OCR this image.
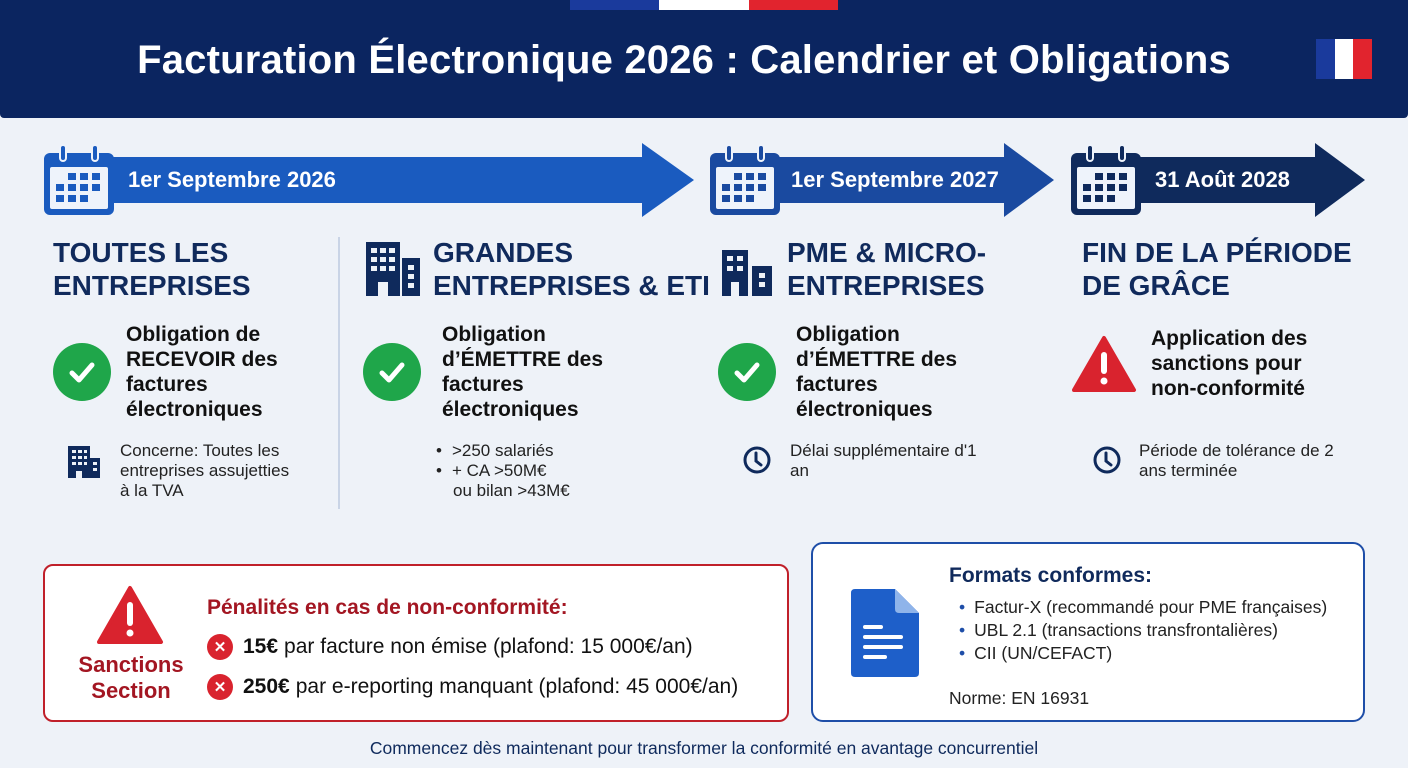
Facturation Électronique 2026 : Calendrier et Obligations
1er Septembre 2026	1er Septembre 2027	31 Août 2028
TOUTES LES
ENTREPRISES
Obligation de
RECEVOIR des
factures
électroniques
Concerne: Toutes les
entreprises assujetties
à la TVA
GRANDES
ENTREPRISES & ETI
Obligation
d’ÉMETTRE des
factures
électroniques
• >250 salariés
• + CA >50M€
ou bilan >43M€
PME & MICRO-
ENTREPRISES
Obligation
d’ÉMETTRE des
factures
électroniques
Délai supplémentaire d'1
an
FIN DE LA PÉRIODE
DE GRÂCE
Application des
sanctions pour
non-conformité
Période de tolérance de 2
ans terminée
Sanctions
Section
Pénalités en cas de non-conformité:
✕ 15€ par facture non émise (plafond: 15 000€/an)
✕ 250€ par e-reporting manquant (plafond: 45 000€/an)
Formats conformes:
• Factur-X (recommandé pour PME françaises)
• UBL 2.1 (transactions transfrontalières)
• CII (UN/CEFACT)
Norme: EN 16931
Commencez dès maintenant pour transformer la conformité en avantage concurrentiel
